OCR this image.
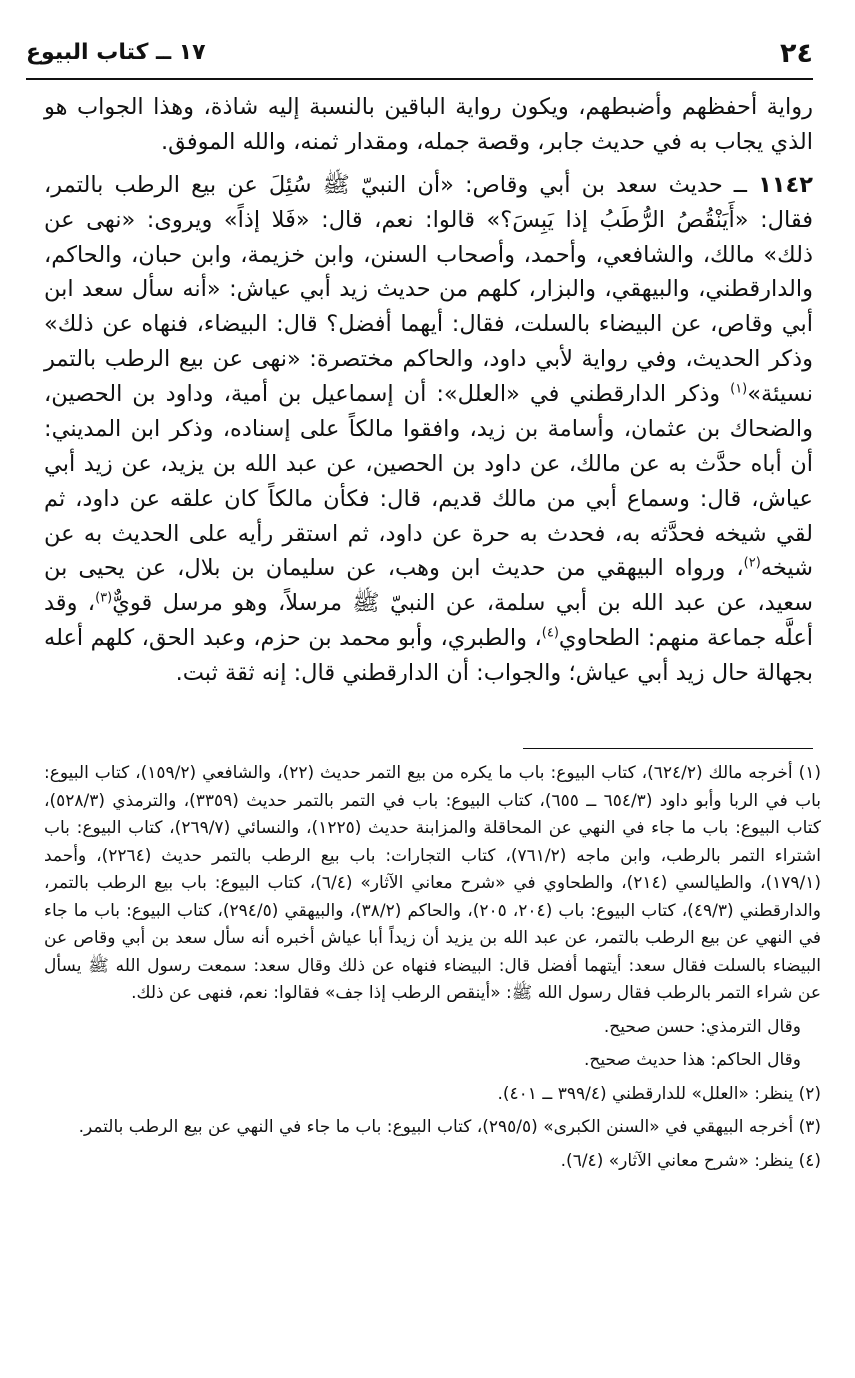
٢٤
١٧ ــ كتاب البيوع

رواية أحفظهم وأضبطهم، ويكون رواية الباقين بالنسبة إليه شاذة، وهذا الجواب هو الذي يجاب به في حديث جابر، وقصة جمله، ومقدار ثمنه، والله الموفق.

١١٤٢ ــ حديث سعد بن أبي وقاص: «أن النبيّ ﷺ سُئِلَ عن بيع الرطب بالتمر، فقال: «أَيَنْقُصُ الرُّطَبُ إذا يَبِسَ؟» قالوا: نعم، قال: «فَلا إذاً» ويروى: «نهى عن ذلك» مالك، والشافعي، وأحمد، وأصحاب السنن، وابن خزيمة، وابن حبان، والحاكم، والدارقطني، والبيهقي، والبزار، كلهم من حديث زيد أبي عياش: «أنه سأل سعد ابن أبي وقاص، عن البيضاء بالسلت، فقال: أيهما أفضل؟ قال: البيضاء، فنهاه عن ذلك» وذكر الحديث، وفي رواية لأبي داود، والحاكم مختصرة: «نهى عن بيع الرطب بالتمر نسيئة»$^{(١)}$ وذكر الدارقطني في «العلل»: أن إسماعيل بن أمية، وداود بن الحصين، والضحاك بن عثمان، وأسامة بن زيد، وافقوا مالكاً على إسناده، وذكر ابن المديني: أن أباه حدَّث به عن مالك، عن داود بن الحصين، عن عبد الله بن يزيد، عن زيد أبي عياش، قال: وسماع أبي من مالك قديم، قال: فكأن مالكاً كان علقه عن داود، ثم لقي شيخه فحدَّثه به، فحدث به حرة عن داود، ثم استقر رأيه على الحديث به عن شيخه$^{(٢)}$، ورواه البيهقي من حديث ابن وهب، عن سليمان بن بلال، عن يحيى بن سعيد، عن عبد الله بن أبي سلمة، عن النبيّ ﷺ مرسلاً، وهو مرسل قويٌّ$^{(٣)}$، وقد أعلَّه جماعة منهم: الطحاوي$^{(٤)}$، والطبري، وأبو محمد بن حزم، وعبد الحق، كلهم أعله بجهالة حال زيد أبي عياش؛ والجواب: أن الدارقطني قال: إنه ثقة ثبت.

(١) أخرجه مالك (٦٢٤/٢)، كتاب البيوع: باب ما يكره من بيع التمر حديث (٢٢)، والشافعي (١٥٩/٢)، كتاب البيوع: باب في الربا وأبو داود (٦٥٤/٣ ــ ٦٥٥)، كتاب البيوع: باب في التمر بالتمر حديث (٣٣٥٩)، والترمذي (٥٢٨/٣)، كتاب البيوع: باب ما جاء في النهي عن المحاقلة والمزابنة حديث (١٢٢٥)، والنسائي (٢٦٩/٧)، كتاب البيوع: باب اشتراء التمر بالرطب، وابن ماجه (٧٦١/٢)، كتاب التجارات: باب بيع الرطب بالتمر حديث (٢٢٦٤)، وأحمد (١٧٩/١)، والطيالسي (٢١٤)، والطحاوي في «شرح معاني الآثار» (٦/٤)، كتاب البيوع: باب بيع الرطب بالتمر، والدارقطني (٤٩/٣)، كتاب البيوع: باب (٢٠٤، ٢٠٥)، والحاكم (٣٨/٢)، والبيهقي (٢٩٤/٥)، كتاب البيوع: باب ما جاء في النهي عن بيع الرطب بالتمر، عن عبد الله بن يزيد أن زيداً أبا عياش أخبره أنه سأل سعد بن أبي وقاص عن البيضاء بالسلت فقال سعد: أيتهما أفضل قال: البيضاء فنهاه عن ذلك وقال سعد: سمعت رسول الله ﷺ يسأل عن شراء التمر بالرطب فقال رسول الله ﷺ: «أينقص الرطب إذا جف» فقالوا: نعم، فنهى عن ذلك.

وقال الترمذي: حسن صحيح.

وقال الحاكم: هذا حديث صحيح.

(٢) ينظر: «العلل» للدارقطني (٣٩٩/٤ ــ ٤٠١).

(٣) أخرجه البيهقي في «السنن الكبرى» (٢٩٥/٥)، كتاب البيوع: باب ما جاء في النهي عن بيع الرطب بالتمر.

(٤) ينظر: «شرح معاني الآثار» (٦/٤).
